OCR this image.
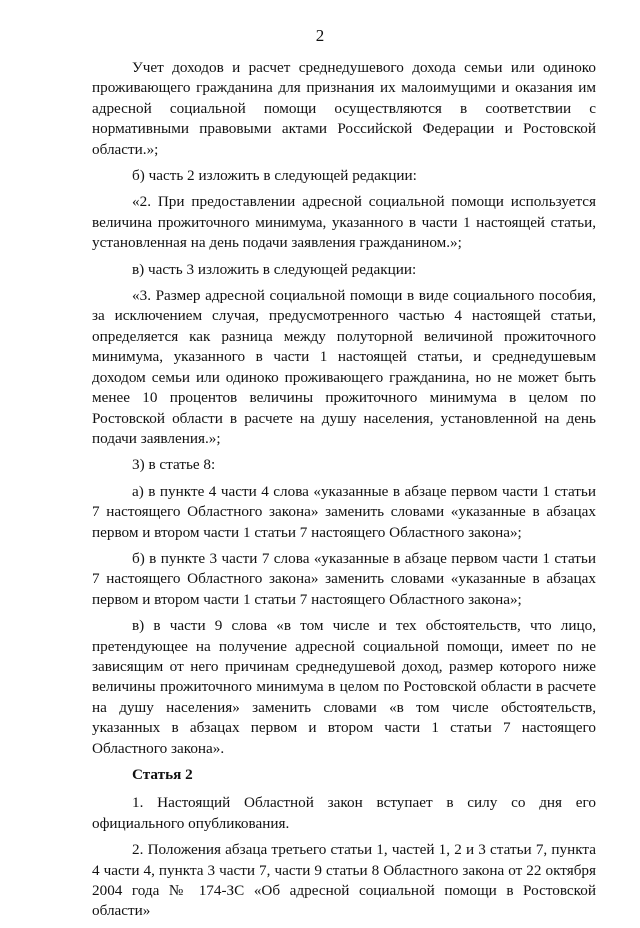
2

Учет доходов и расчет среднедушевого дохода семьи или одиноко проживающего гражданина для признания их малоимущими и оказания им адресной социальной помощи осуществляются в соответствии с нормативными правовыми актами Российской Федерации и Ростовской области.»;

б) часть 2 изложить в следующей редакции:

«2. При предоставлении адресной социальной помощи используется величина прожиточного минимума, указанного в части 1 настоящей статьи, установленная на день подачи заявления гражданином.»;

в) часть 3 изложить в следующей редакции:

«3. Размер адресной социальной помощи в виде социального пособия, за исключением случая, предусмотренного частью 4 настоящей статьи, определяется как разница между полуторной величиной прожиточного минимума, указанного в части 1 настоящей статьи, и среднедушевым доходом семьи или одиноко проживающего гражданина, но не может быть менее 10 процентов величины прожиточного минимума в целом по Ростовской области в расчете на душу населения, установленной на день подачи заявления.»;

3) в статье 8:

а) в пункте 4 части 4 слова «указанные в абзаце первом части 1 статьи 7 настоящего Областного закона» заменить словами «указанные в абзацах первом и втором части 1 статьи 7 настоящего Областного закона»;

б) в пункте 3 части 7 слова «указанные в абзаце первом части 1 статьи 7 настоящего Областного закона» заменить словами «указанные в абзацах первом и втором части 1 статьи 7 настоящего Областного закона»;

в) в части 9 слова «в том числе и тех обстоятельств, что лицо, претендующее на получение адресной социальной помощи, имеет по не зависящим от него причинам среднедушевой доход, размер которого ниже величины прожиточного минимума в целом по Ростовской области в расчете на душу населения» заменить словами «в том числе обстоятельств, указанных в абзацах первом и втором части 1 статьи 7 настоящего Областного закона».

Статья 2

1. Настоящий Областной закон вступает в силу со дня его официального опубликования.

2. Положения абзаца третьего статьи 1, частей 1, 2 и 3 статьи 7, пункта 4 части 4, пункта 3 части 7, части 9 статьи 8 Областного закона от 22 октября 2004 года № 174-ЗС «Об адресной социальной помощи в Ростовской области»
